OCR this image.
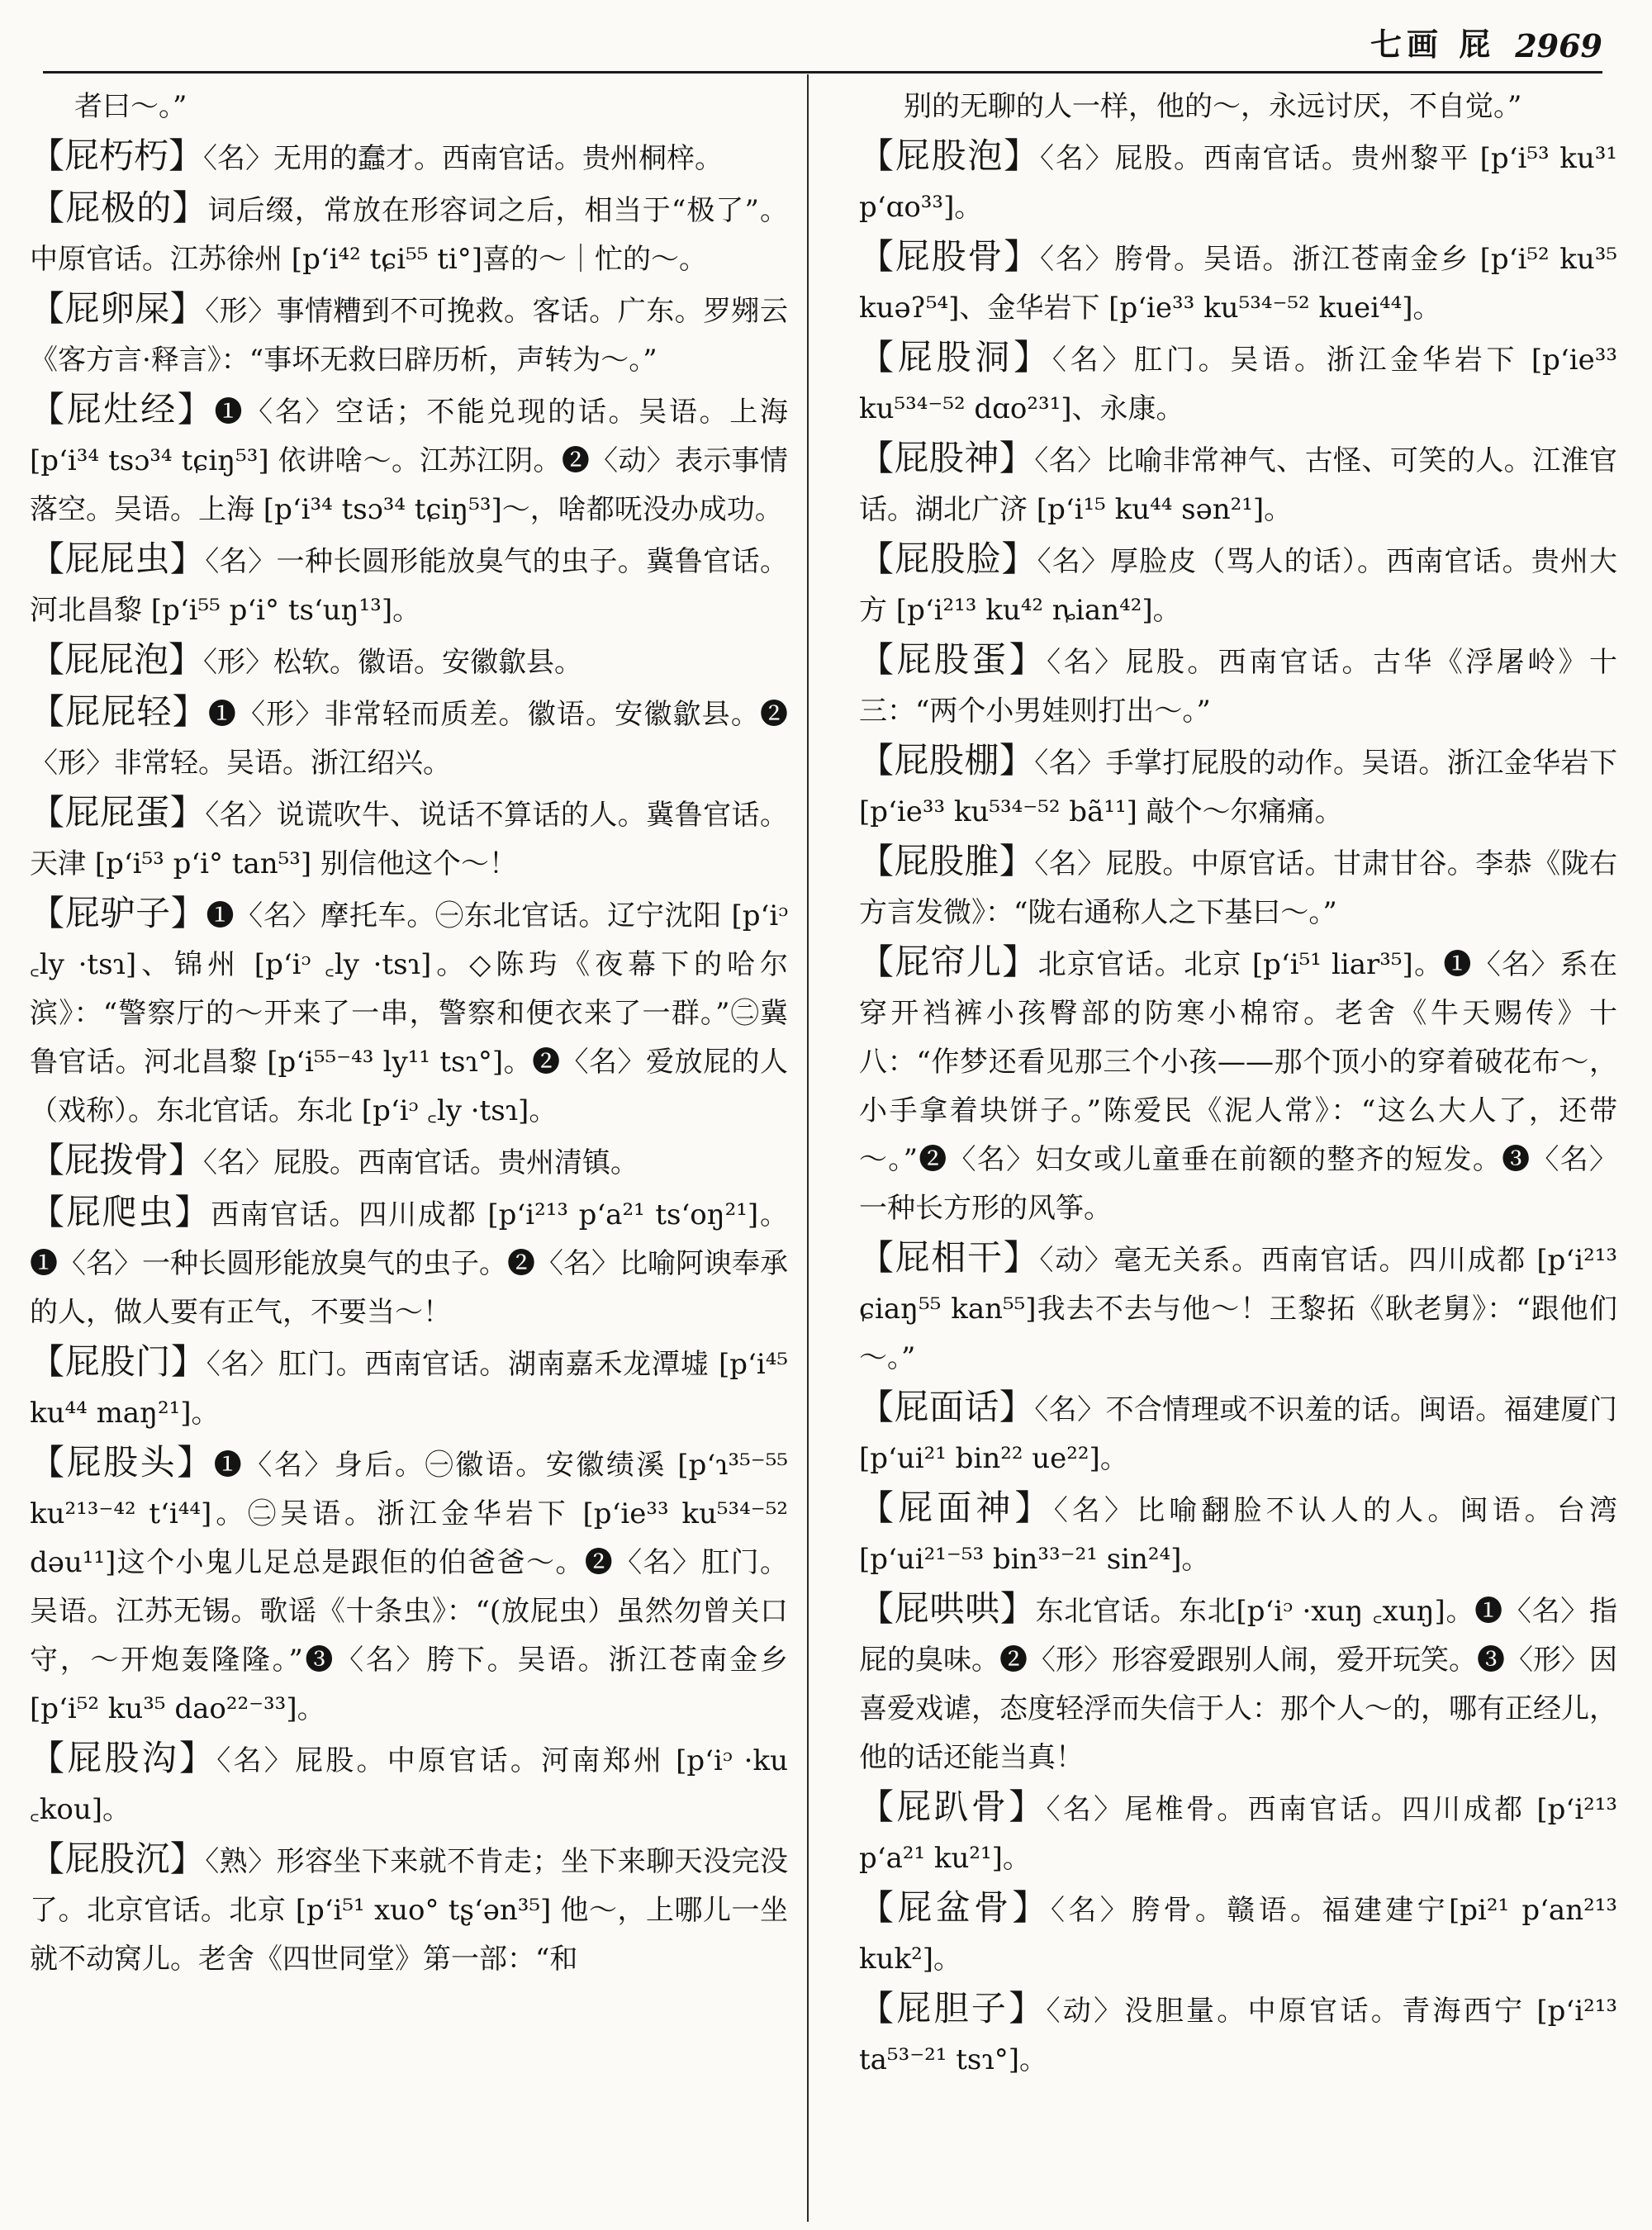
七画 屁 2969
者曰～。”
【屁朽朽】〈名〉无用的蠢才。西南官话。贵州桐梓。
【屁极的】词后缀，常放在形容词之后，相当于“极了”。中原官话。江苏徐州 [p‘i⁴² tɕi⁵⁵ ti°]喜的～｜忙的～。
【屁卵屎】〈形〉事情糟到不可挽救。客话。广东。罗翙云《客方言·释言》：“事坏无救曰辟历析，声转为～。”
【屁灶经】❶〈名〉空话；不能兑现的话。吴语。上海 [p‘i³⁴ tsɔ³⁴ tɕiŋ⁵³] 依讲啥～。江苏江阴。❷〈动〉表示事情落空。吴语。上海 [p‘i³⁴ tsɔ³⁴ tɕiŋ⁵³]～，啥都呒没办成功。
【屁屁虫】〈名〉一种长圆形能放臭气的虫子。冀鲁官话。河北昌黎 [p‘i⁵⁵ p‘i° ts‘uŋ¹³]。
【屁屁泡】〈形〉松软。徽语。安徽歙县。
【屁屁轻】❶〈形〉非常轻而质差。徽语。安徽歙县。❷〈形〉非常轻。吴语。浙江绍兴。
【屁屁蛋】〈名〉说谎吹牛、说话不算话的人。冀鲁官话。天津 [p‘i⁵³ p‘i° tan⁵³] 别信他这个～！
【屁驴子】❶〈名〉摩托车。㊀东北官话。辽宁沈阳 [p‘iᵓ ꜀ly ·tsɿ]、锦州 [p‘iᵓ ꜀ly ·tsɿ]。◇陈玙《夜幕下的哈尔滨》：“警察厅的～开来了一串，警察和便衣来了一群。”㊁冀鲁官话。河北昌黎 [p‘i⁵⁵⁻⁴³ ly¹¹ tsɿ°]。❷〈名〉爱放屁的人（戏称）。东北官话。东北 [p‘iᵓ ꜀ly ·tsɿ]。
【屁拨骨】〈名〉屁股。西南官话。贵州清镇。
【屁爬虫】西南官话。四川成都 [p‘i²¹³ p‘a²¹ ts‘oŋ²¹]。❶〈名〉一种长圆形能放臭气的虫子。❷〈名〉比喻阿谀奉承的人，做人要有正气，不要当～！
【屁股门】〈名〉肛门。西南官话。湖南嘉禾龙潭墟 [p‘i⁴⁵ ku⁴⁴ maŋ²¹]。
【屁股头】❶〈名〉身后。㊀徽语。安徽绩溪 [p‘ɿ³⁵⁻⁵⁵ ku²¹³⁻⁴² t‘i⁴⁴]。㊁吴语。浙江金华岩下 [p‘ie³³ ku⁵³⁴⁻⁵² dəu¹¹]这个小鬼儿足总是跟佢的伯爸爸～。❷〈名〉肛门。吴语。江苏无锡。歌谣《十条虫》：“(放屁虫）虽然勿曾关口守，～开炮轰隆隆。”❸〈名〉胯下。吴语。浙江苍南金乡 [p‘i⁵² ku³⁵ dao²²⁻³³]。
【屁股沟】〈名〉屁股。中原官话。河南郑州 [p‘iᵓ ·ku ꜀kou]。
【屁股沉】〈熟〉形容坐下来就不肯走；坐下来聊天没完没了。北京官话。北京 [p‘i⁵¹ xuo° tʂ‘ən³⁵] 他～，上哪儿一坐就不动窝儿。老舍《四世同堂》第一部：“和
别的无聊的人一样，他的～，永远讨厌，不自觉。”
【屁股泡】〈名〉屁股。西南官话。贵州黎平 [p‘i⁵³ ku³¹ p‘ɑo³³]。
【屁股骨】〈名〉胯骨。吴语。浙江苍南金乡 [p‘i⁵² ku³⁵ kuəʔ⁵⁴]、金华岩下 [p‘ie³³ ku⁵³⁴⁻⁵² kuei⁴⁴]。
【屁股洞】〈名〉肛门。吴语。浙江金华岩下 [p‘ie³³ ku⁵³⁴⁻⁵² dɑo²³¹]、永康。
【屁股神】〈名〉比喻非常神气、古怪、可笑的人。江淮官话。湖北广济 [p‘i¹⁵ ku⁴⁴ sən²¹]。
【屁股脸】〈名〉厚脸皮（骂人的话）。西南官话。贵州大方 [p‘i²¹³ ku⁴² ȵian⁴²]。
【屁股蛋】〈名〉屁股。西南官话。古华《浮屠岭》十三：“两个小男娃则打出～。”
【屁股棚】〈名〉手掌打屁股的动作。吴语。浙江金华岩下 [p‘ie³³ ku⁵³⁴⁻⁵² bã¹¹] 敲个～尔痛痛。
【屁股脽】〈名〉屁股。中原官话。甘肃甘谷。李恭《陇右方言发微》：“陇右通称人之下基曰～。”
【屁帘儿】北京官话。北京 [p‘i⁵¹ liar³⁵]。❶〈名〉系在穿开裆裤小孩臀部的防寒小棉帘。老舍《牛天赐传》十八：“作梦还看见那三个小孩——那个顶小的穿着破花布～，小手拿着块饼子。”陈爱民《泥人常》：“这么大人了，还带～。”❷〈名〉妇女或儿童垂在前额的整齐的短发。❸〈名〉一种长方形的风筝。
【屁相干】〈动〉毫无关系。西南官话。四川成都 [p‘i²¹³ ɕiaŋ⁵⁵ kan⁵⁵]我去不去与他～！王黎拓《耿老舅》：“跟他们～。”
【屁面话】〈名〉不合情理或不识羞的话。闽语。福建厦门 [p‘ui²¹ bin²² ue²²]。
【屁面神】〈名〉比喻翻脸不认人的人。闽语。台湾 [p‘ui²¹⁻⁵³ bin³³⁻²¹ sin²⁴]。
【屁哄哄】东北官话。东北[p‘iᵓ ·xuŋ ꜀xuŋ]。❶〈名〉指屁的臭味。❷〈形〉形容爱跟别人闹，爱开玩笑。❸〈形〉因喜爱戏谑，态度轻浮而失信于人：那个人～的，哪有正经儿，他的话还能当真！
【屁趴骨】〈名〉尾椎骨。西南官话。四川成都 [p‘i²¹³ p‘a²¹ ku²¹]。
【屁盆骨】〈名〉胯骨。赣语。福建建宁[pi²¹ p‘an²¹³ kuk²]。
【屁胆子】〈动〉没胆量。中原官话。青海西宁 [p‘i²¹³ ta⁵³⁻²¹ tsɿ°]。
